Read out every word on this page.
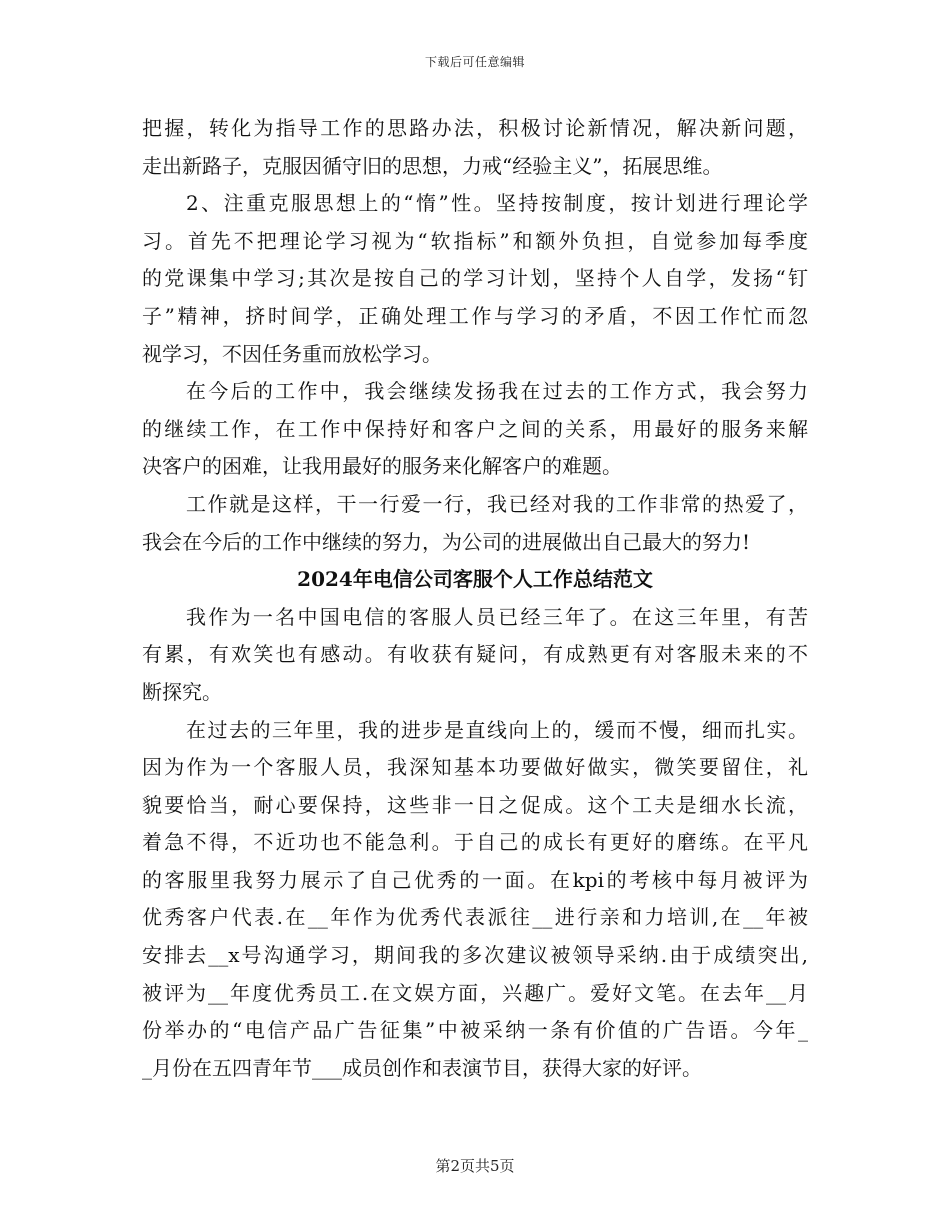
下载后可任意编辑
把握，转化为指导工作的思路办法，积极讨论新情况，解决新问题，
走出新路子，克服因循守旧的思想，力戒“经验主义”，拓展思维。
2、注重克服思想上的“惰”性。坚持按制度，按计划进行理论学
习。首先不把理论学习视为“软指标”和额外负担，自觉参加每季度
的党课集中学习;其次是按自己的学习计划，坚持个人自学，发扬“钉
子”精神，挤时间学，正确处理工作与学习的矛盾，不因工作忙而忽
视学习，不因任务重而放松学习。
在今后的工作中，我会继续发扬我在过去的工作方式，我会努力
的继续工作，在工作中保持好和客户之间的关系，用最好的服务来解
决客户的困难，让我用最好的服务来化解客户的难题。
工作就是这样，干一行爱一行，我已经对我的工作非常的热爱了，
我会在今后的工作中继续的努力，为公司的进展做出自己最大的努力!
2024年电信公司客服个人工作总结范文
我作为一名中国电信的客服人员已经三年了。在这三年里，有苦
有累，有欢笑也有感动。有收获有疑问，有成熟更有对客服未来的不
断探究。
在过去的三年里，我的进步是直线向上的，缓而不慢，细而扎实。
因为作为一个客服人员，我深知基本功要做好做实，微笑要留住，礼
貌要恰当，耐心要保持，这些非一日之促成。这个工夫是细水长流，
着急不得，不近功也不能急利。于自己的成长有更好的磨练。在平凡
的客服里我努力展示了自己优秀的一面。在kpi的考核中每月被评为
优秀客户代表.在__年作为优秀代表派往__进行亲和力培训,在__年被
安排去__x号沟通学习，期间我的多次建议被领导采纳.由于成绩突出,
被评为__年度优秀员工.在文娱方面，兴趣广。爱好文笔。在去年__月
份举办的“电信产品广告征集”中被采纳一条有价值的广告语。今年_
_月份在五四青年节___成员创作和表演节目，获得大家的好评。
第2页共5页
